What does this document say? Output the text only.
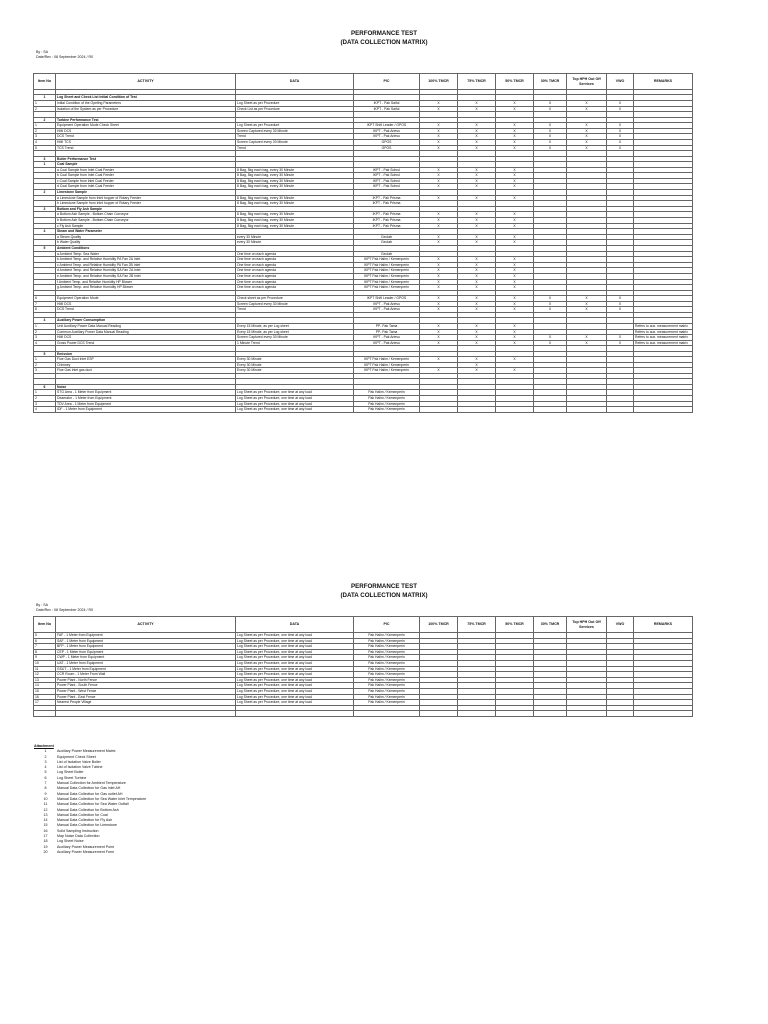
PERFORMANCE TEST
(DATA COLLECTION MATRIX)
By : SA
Date/Rev : 08 September 2024 / R0
Item No	ACTIVITY	DATA	PIC	100% TMCR	75% TMCR	50% TMCR	30% TMCR	Top HPH Out Off Services	VWO	REMARKS

1	Log Sheet and Check List Initial Condition of Test									
1	Initial Condition of the Opeting Parameters	Log Sheet as per Procedure	IKPT - Pak Saiful	X	X	X	X	X	X	
2	Isolation of the System as per Procedure	Check List as per Procedure	IKPT - Pak Saiful	X	X	X	X	X	X	

2	Turbine Performance Test									
1	Equipment Operation Mode Check Sheet	Log Sheet as per Procedure	IKPT Shift Leader / GPOS	X	X	X	X	X	X	
2	HMI DCS	Screen Captured every 30 Minute	IKPT - Pak Ariesu	X	X	X	X	X	X	
3	DCS Trend	Trend	IKPT - Pak Ariesu	X	X	X	X	X	X	
4	HMI TCS	Screen Captured every 30 Minute	GPOS	X	X	X	X	X	X	
5	TCS Trend	Trend	GPOS	X	X	X	X	X	X	

3	Boiler Performance Test									
1	Coal Sample									
	a Coal Sample from Inlet Coal Feeder	8 Bag, 5kg each bag, every 30 Minute	IKPT - Pak Sohrul	X	X	X				
	b Coal Sample from Inlet Coal Feeder	8 Bag, 5kg each bag, every 30 Minute	IKPT - Pak Sohrul	X	X	X				
	c Coal Sample from Inlet Coal Feeder	8 Bag, 5kg each bag, every 30 Minute	IKPT - Pak Sohrul	X	X	X				
	d Coal Sample from Inlet Coal Feeder	8 Bag, 5kg each bag, every 30 Minute	IKPT - Pak Sohrul	X	X	X				
2	Limestone Sample									
	a Limestone Sample from Inlet hopper of Rotary Feeder	8 Bag, 5kg each bag, every 30 Minute	IKPT - Pak Prisma	X	X	X				
	b Limestone Sample from Inlet hopper of Rotary Feeder	8 Bag, 5kg each bag, every 30 Minute	IKPT - Pak Prisma							
3	Bottom and Fly Ash Sample									
	a Bottom Ash Sample - Bottom Chain Conveyor	8 Bag, 5kg each bag, every 30 Minute	IKPT - Pak Prisma	X	X	X				
	b Bottom Ash Sample - Bottom Chain Conveyor	8 Bag, 5kg each bag, every 30 Minute	IKPT - Pak Prisma	X	X	X				
	c Fly Ash Sample	8 Bag, 5kg each bag, every 30 Minute	IKPT - Pak Prisma	X	X	X				
4	Steam and Water Parameter									
	a Steam Quality	every 30 Minute	Geolab	X	X	X				
	b Water Quality	every 30 Minute	Geolab	X	X	X				
5	Ambient Conditions									
	a Ambient Temp. Sea Water	One time on each agenda	Geolab							
	b Ambient Temp. and Relative Humidity PA Fan 2A Inlet	One time on each agenda	IKPT Pak Halim / Kemenperin	X	X	X				
	c Ambient Temp. and Relative Humidity PA Fan 2B Inlet	One time on each agenda	IKPT Pak Halim / Kemenperin	X	X	X				
	d Ambient Temp. and Relative Humidity SA Fan 2A Inlet	One time on each agenda	IKPT Pak Halim / Kemenperin	X	X	X				
	e Ambient Temp. and Relative Humidity SA Fan 2B Inlet	One time on each agenda	IKPT Pak Halim / Kemenperin	X	X	X				
	f Ambient Temp. and Relative Humidity HP Blower	One time on each agenda	IKPT Pak Halim / Kemenperin	X	X	X				
	g Ambient Temp. and Relative Humidity HP Blower	One time on each agenda	IKPT Pak Halim / Kemenperin	X	X	X				

6	Equipment Operation Mode	Check sheet as per Procedure	IKPT Shift Leader / GPOS	X	X	X	X	X	X	
7	HMI DCS	Screen Captured every 30 Minute	IKPT - Pak Ariesu	X	X	X	X	X	X	
8	DCS Trend	Trend	IKPT - Pak Ariesu	X	X	X	X	X	X	

4	Auxiliary Power Consumption									
1	Unit Auxiliary Power Data Manual Reading	Every 15 Minute, as per Log sheet	PP- Pak Tama	X	X	X				Refers to aux. measurement matrix
2	Common Auxiliary Power Data Manual Reading	Every 15 Minute, as per Log sheet	PP- Pak Tama	X	X	X				Refers to aux. measurement matrix
3	HMI DCS	Screen Captured every 30 Minute	IKPT - Pak Ariesu	X	X	X	X	X	X	Refers to aux. measurement matrix
4	Gross Power DCS Trend	1 Minute Trend	IKPT - Pak Ariesu	X	X	X	X	X	X	Refers to aux. measurement matrix

5	Emission									
1	Flue Gas Duct Inlet ESP	Every 30 Minute	IKPT Pak Halim / Kemenperin	X	X	X				
2	Chimney	Every 30 Minute	IKPT Pak Halim / Kemenperin		X					
3	Flue Gas Inlet gas duct	Every 30 Minute	IKPT Pak Halim / Kemenperin	X	X	X				

6	Noise									
1	STG Area - 1 Meter from Equipment	Log Sheet as per Procedure, one time at any load	Pak Halim / Kemenperin							
2	Deaerator - 1 Meter from Equipment	Log Sheet as per Procedure, one time at any load	Pak Halim / Kemenperin							
3	TDV Area - 1 Meter from Equipment	Log Sheet as per Procedure, one time at any load	Pak Halim / Kemenperin							
4	IDF - 1 Meter from Equipment	Log Sheet as per Procedure, one time at any load	Pak Halim / Kemenperin							
PERFORMANCE TEST
(DATA COLLECTION MATRIX)
By : SA
Date/Rev : 08 September 2024 / R0
Item No	ACTIVITY	DATA	PIC	100% TMCR	75% TMCR	50% TMCR	30% TMCR	Top HPH Out Off Services	VWO	REMARKS
5	FAF - 1 Meter from Equipment	Log Sheet as per Procedure, one time at any load	Pak Halim / Kemenperin							
6	SAF - 1 Meter from Equipment	Log Sheet as per Procedure, one time at any load	Pak Halim / Kemenperin							
7	BFP - 1 Meter from Equipment	Log Sheet as per Procedure, one time at any load	Pak Halim / Kemenperin							
8	CEP - 1 Meter from Equipment	Log Sheet as per Procedure, one time at any load	Pak Halim / Kemenperin							
9	CWP - 1 Meter from Equipment	Log Sheet as per Procedure, one time at any load	Pak Halim / Kemenperin							
10	UAT - 1 Meter from Equipment	Log Sheet as per Procedure, one time at any load	Pak Halim / Kemenperin							
11	GSUT - 1 Meter from Equipment	Log Sheet as per Procedure, one time at any load	Pak Halim / Kemenperin							
12	CCR Room - 1 Meter From Wall	Log Sheet as per Procedure, one time at any load	Pak Halim / Kemenperin							
13	Power Plant - North Fence	Log Sheet as per Procedure, one time at any load	Pak Halim / Kemenperin							
14	Power Plant - South Fence	Log Sheet as per Procedure, one time at any load	Pak Halim / Kemenperin							
15	Power Plant - West Fence	Log Sheet as per Procedure, one time at any load	Pak Halim / Kemenperin							
16	Power Plant - East Fence	Log Sheet as per Procedure, one time at any load	Pak Halim / Kemenperin							
17	Nearest People Village	Log Sheet as per Procedure, one time at any load	Pak Halim / Kemenperin							

Attachment
1	Auxiliary Power Measurement Matrix
2	Equipment Check Sheet
3	List of Isolation Valve Boiler
4	List of Isolation Valve Tubine
5	Log Sheet Boiler
6	Log Sheet Turbine
7	Manual Collection for Ambient Temperature
8	Manual Data Collection for Gas inlet AH
9	Manual Data Collection for Gas outlet AH
10	Manual Data Collection for Sea Water Inlet Temperature
11	Manual Data Collection for Sea Water Outfall
12	Manual Data Collection for Bottom Ash
13	Manual Data Collection for Coal
14	Manual Data Collection for Fly Ash
15	Manual Data Collection for Limestone
16	Solid Sampling Instruction
17	Map Noise Data Collection
18	Log Sheet Noise
19	Auxiliary Power Measurement Point
20	Auxiliary Power Measurement Form
